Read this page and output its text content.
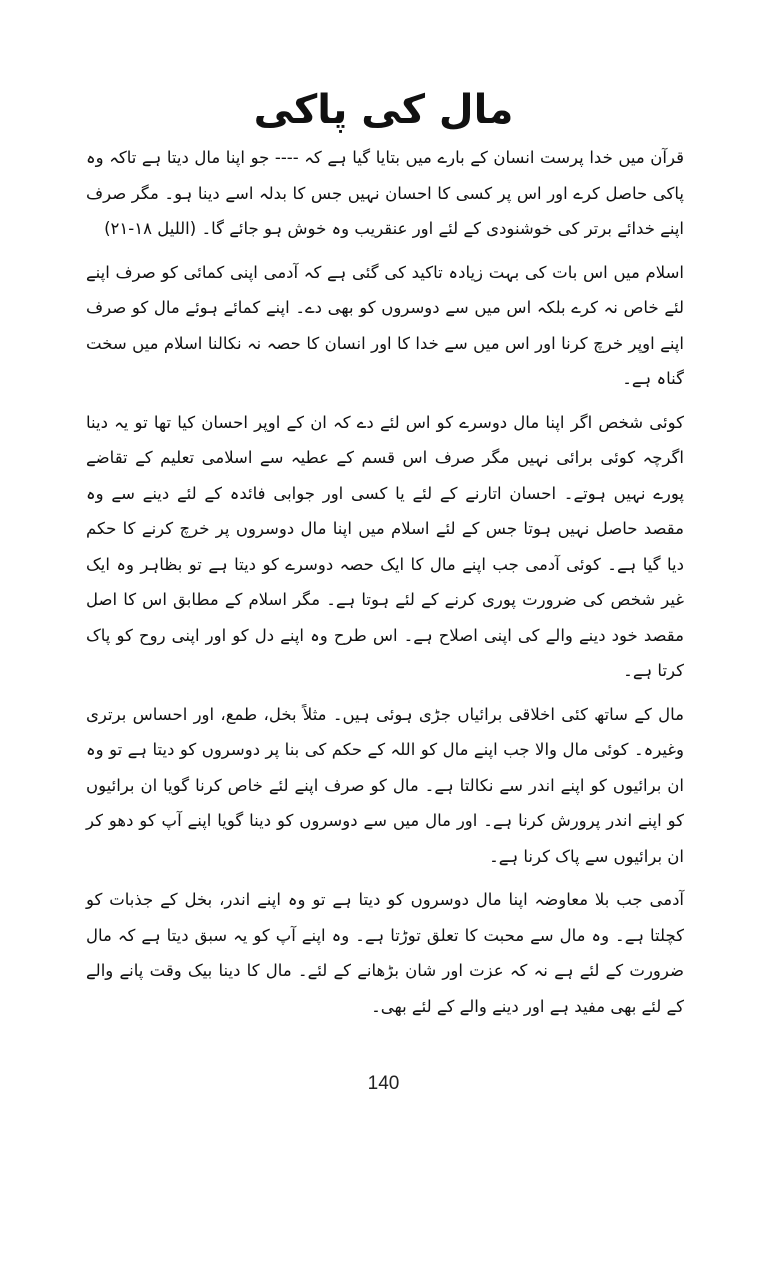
مال کی پاکی

قرآن میں خدا پرست انسان کے بارے میں بتایا گیا ہے کہ ---- جو اپنا مال دیتا ہے تاکہ وہ پاکی حاصل کرے اور اس پر کسی کا احسان نہیں جس کا بدلہ اسے دینا ہو۔ مگر صرف اپنے خدائے برتر کی خوشنودی کے لئے اور عنقریب وہ خوش ہو جائے گا۔ (اللیل ۱۸-۲۱)

اسلام میں اس بات کی بہت زیادہ تاکید کی گئی ہے کہ آدمی اپنی کمائی کو صرف اپنے لئے خاص نہ کرے بلکہ اس میں سے دوسروں کو بھی دے۔ اپنے کمائے ہوئے مال کو صرف اپنے اوپر خرچ کرنا اور اس میں سے خدا کا اور انسان کا حصہ نہ نکالنا اسلام میں سخت گناہ ہے۔

کوئی شخص اگر اپنا مال دوسرے کو اس لئے دے کہ ان کے اوپر احسان کیا تھا تو یہ دینا اگرچہ کوئی برائی نہیں مگر صرف اس قسم کے عطیہ سے اسلامی تعلیم کے تقاضے پورے نہیں ہوتے۔ احسان اتارنے کے لئے یا کسی اور جوابی فائدہ کے لئے دینے سے وہ مقصد حاصل نہیں ہوتا جس کے لئے اسلام میں اپنا مال دوسروں پر خرچ کرنے کا حکم دیا گیا ہے۔ کوئی آدمی جب اپنے مال کا ایک حصہ دوسرے کو دیتا ہے تو بظاہر وہ ایک غیر شخص کی ضرورت پوری کرنے کے لئے ہوتا ہے۔ مگر اسلام کے مطابق اس کا اصل مقصد خود دینے والے کی اپنی اصلاح ہے۔ اس طرح وہ اپنے دل کو اور اپنی روح کو پاک کرتا ہے۔

مال کے ساتھ کئی اخلاقی برائیاں جڑی ہوئی ہیں۔ مثلاً بخل، طمع، اور احساس برتری وغیرہ۔ کوئی مال والا جب اپنے مال کو اللہ کے حکم کی بنا پر دوسروں کو دیتا ہے تو وہ ان برائیوں کو اپنے اندر سے نکالتا ہے۔ مال کو صرف اپنے لئے خاص کرنا گویا ان برائیوں کو اپنے اندر پرورش کرنا ہے۔ اور مال میں سے دوسروں کو دینا گویا اپنے آپ کو دھو کر ان برائیوں سے پاک کرنا ہے۔

آدمی جب بلا معاوضہ اپنا مال دوسروں کو دیتا ہے تو وہ اپنے اندر، بخل کے جذبات کو کچلتا ہے۔ وہ مال سے محبت کا تعلق توڑتا ہے۔ وہ اپنے آپ کو یہ سبق دیتا ہے کہ مال ضرورت کے لئے ہے نہ کہ عزت اور شان بڑھانے کے لئے۔ مال کا دینا بیک وقت پانے والے کے لئے بھی مفید ہے اور دینے والے کے لئے بھی۔

140
